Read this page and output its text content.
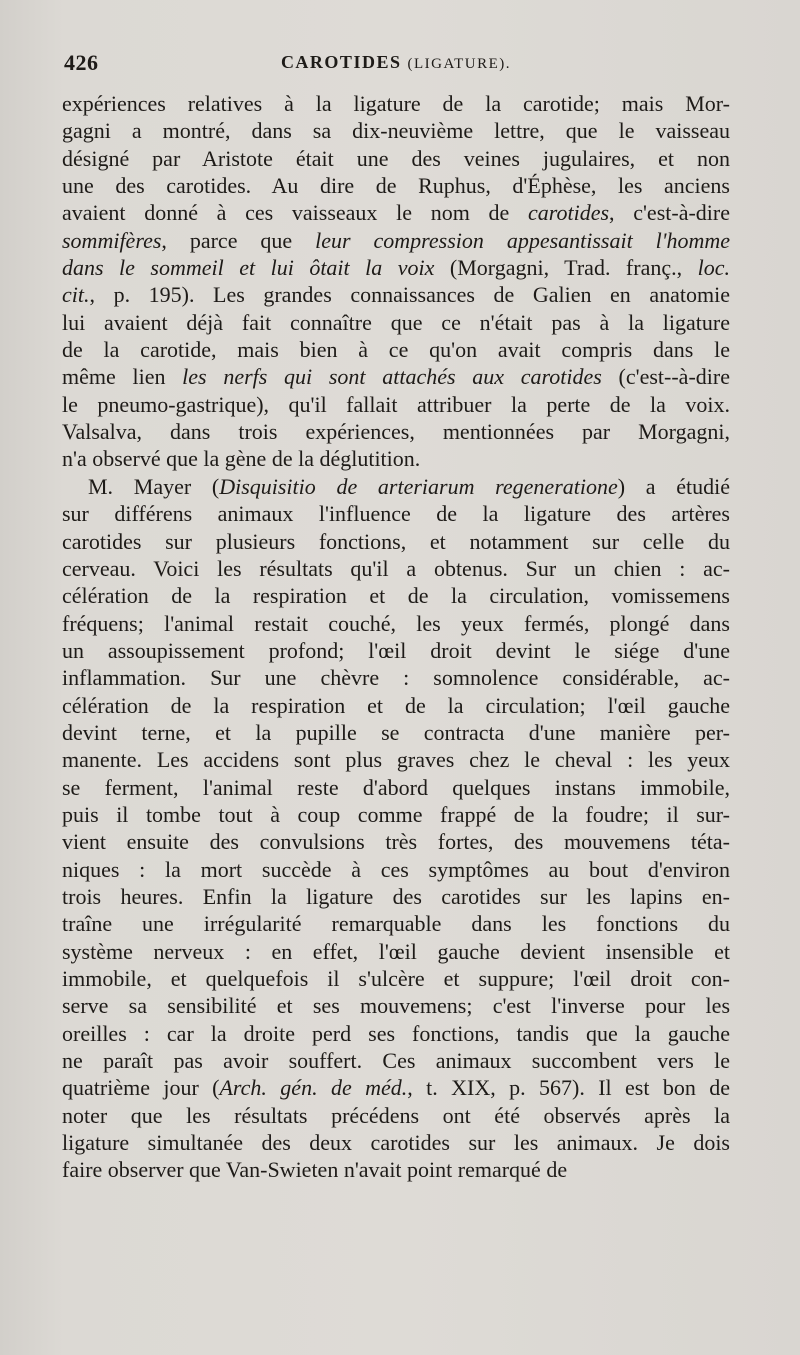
426	CAROTIDES (LIGATURE).
expériences relatives à la ligature de la carotide; mais Mor-
gagni a montré, dans sa dix-neuvième lettre, que le vaisseau
désigné par Aristote était une des veines jugulaires, et non
une des carotides. Au dire de Ruphus, d'Éphèse, les anciens
avaient donné à ces vaisseaux le nom de carotides, c'est-à-dire
sommifères, parce que leur compression appesantissait l'homme
dans le sommeil et lui ôtait la voix (Morgagni, Trad. franç., loc.
cit., p. 195). Les grandes connaissances de Galien en anatomie
lui avaient déjà fait connaître que ce n'était pas à la ligature
de la carotide, mais bien à ce qu'on avait compris dans le
même lien les nerfs qui sont attachés aux carotides (c'est--à-dire
le pneumo-gastrique), qu'il fallait attribuer la perte de la voix.
Valsalva, dans trois expériences, mentionnées par Morgagni,
n'a observé que la gène de la déglutition.
M. Mayer (Disquisitio de arteriarum regeneratione) a étudié
sur différens animaux l'influence de la ligature des artères
carotides sur plusieurs fonctions, et notamment sur celle du
cerveau. Voici les résultats qu'il a obtenus. Sur un chien : ac-
célération de la respiration et de la circulation, vomissemens
fréquens; l'animal restait couché, les yeux fermés, plongé dans
un assoupissement profond; l'œil droit devint le siége d'une
inflammation. Sur une chèvre : somnolence considérable, ac-
célération de la respiration et de la circulation; l'œil gauche
devint terne, et la pupille se contracta d'une manière per-
manente. Les accidens sont plus graves chez le cheval : les yeux
se ferment, l'animal reste d'abord quelques instans immobile,
puis il tombe tout à coup comme frappé de la foudre; il sur-
vient ensuite des convulsions très fortes, des mouvemens téta-
niques : la mort succède à ces symptômes au bout d'environ
trois heures. Enfin la ligature des carotides sur les lapins en-
traîne une irrégularité remarquable dans les fonctions du
système nerveux : en effet, l'œil gauche devient insensible et
immobile, et quelquefois il s'ulcère et suppure; l'œil droit con-
serve sa sensibilité et ses mouvemens; c'est l'inverse pour les
oreilles : car la droite perd ses fonctions, tandis que la gauche
ne paraît pas avoir souffert. Ces animaux succombent vers le
quatrième jour (Arch. gén. de méd., t. XIX, p. 567). Il est bon de
noter que les résultats précédens ont été observés après la
ligature simultanée des deux carotides sur les animaux. Je dois
faire observer que Van-Swieten n'avait point remarqué de
